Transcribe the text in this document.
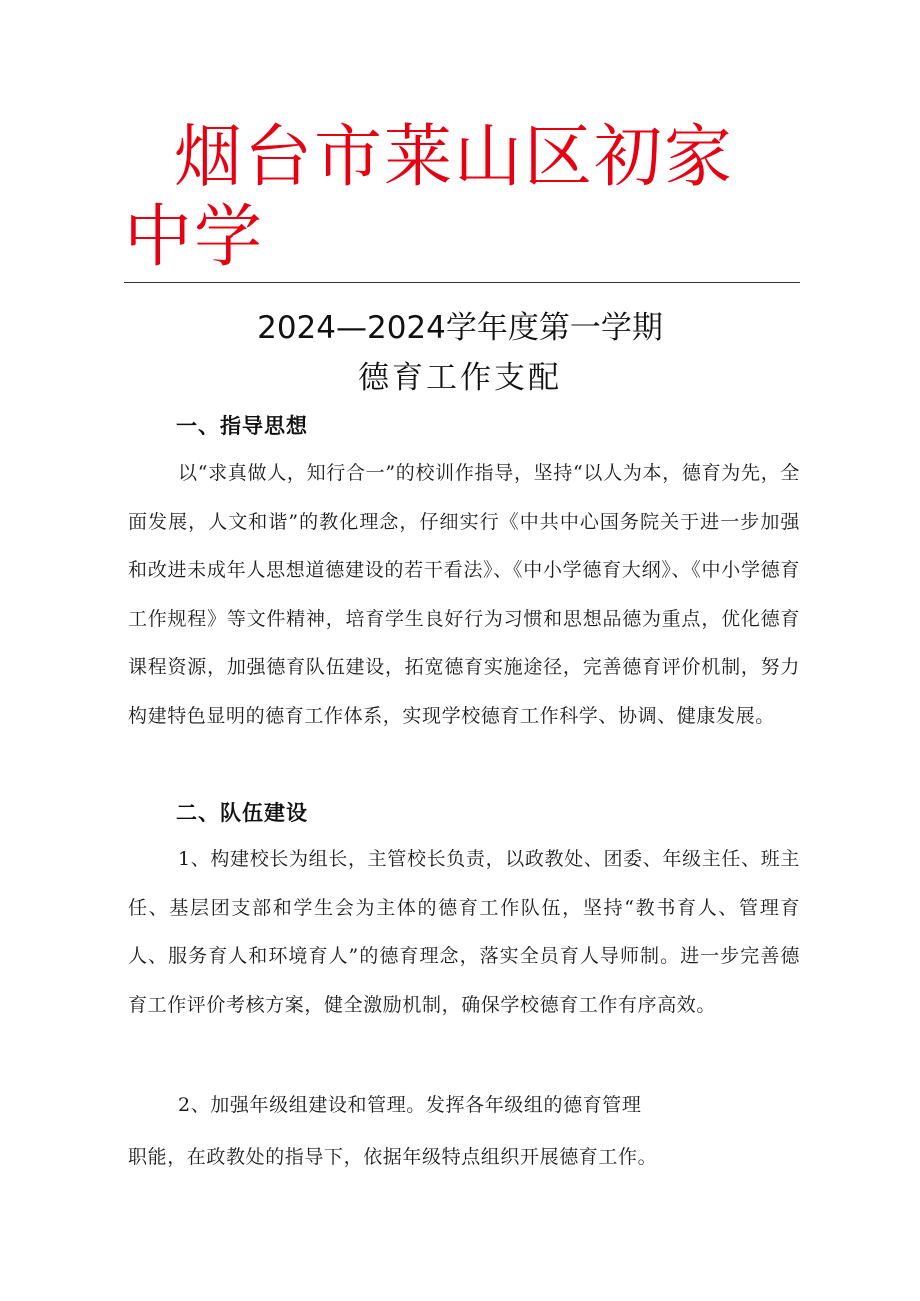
烟台市莱山区初家中学
2024—2024学年度第一学期
德育工作支配
一、指导思想
以“求真做人，知行合一”的校训作指导，坚持“以人为本，德育为先，全面发展，人文和谐”的教化理念，仔细实行《中共中心国务院关于进一步加强和改进未成年人思想道德建设的若干看法》、《中小学德育大纲》、《中小学德育工作规程》等文件精神，培育学生良好行为习惯和思想品德为重点，优化德育课程资源，加强德育队伍建设，拓宽德育实施途径，完善德育评价机制，努力构建特色显明的德育工作体系，实现学校德育工作科学、协调、健康发展。
二、队伍建设
1、构建校长为组长，主管校长负责，以政教处、团委、年级主任、班主任、基层团支部和学生会为主体的德育工作队伍，坚持“教书育人、管理育人、服务育人和环境育人”的德育理念，落实全员育人导师制。进一步完善德育工作评价考核方案，健全激励机制，确保学校德育工作有序高效。
2、加强年级组建设和管理。发挥各年级组的德育管理
职能，在政教处的指导下，依据年级特点组织开展德育工作。
